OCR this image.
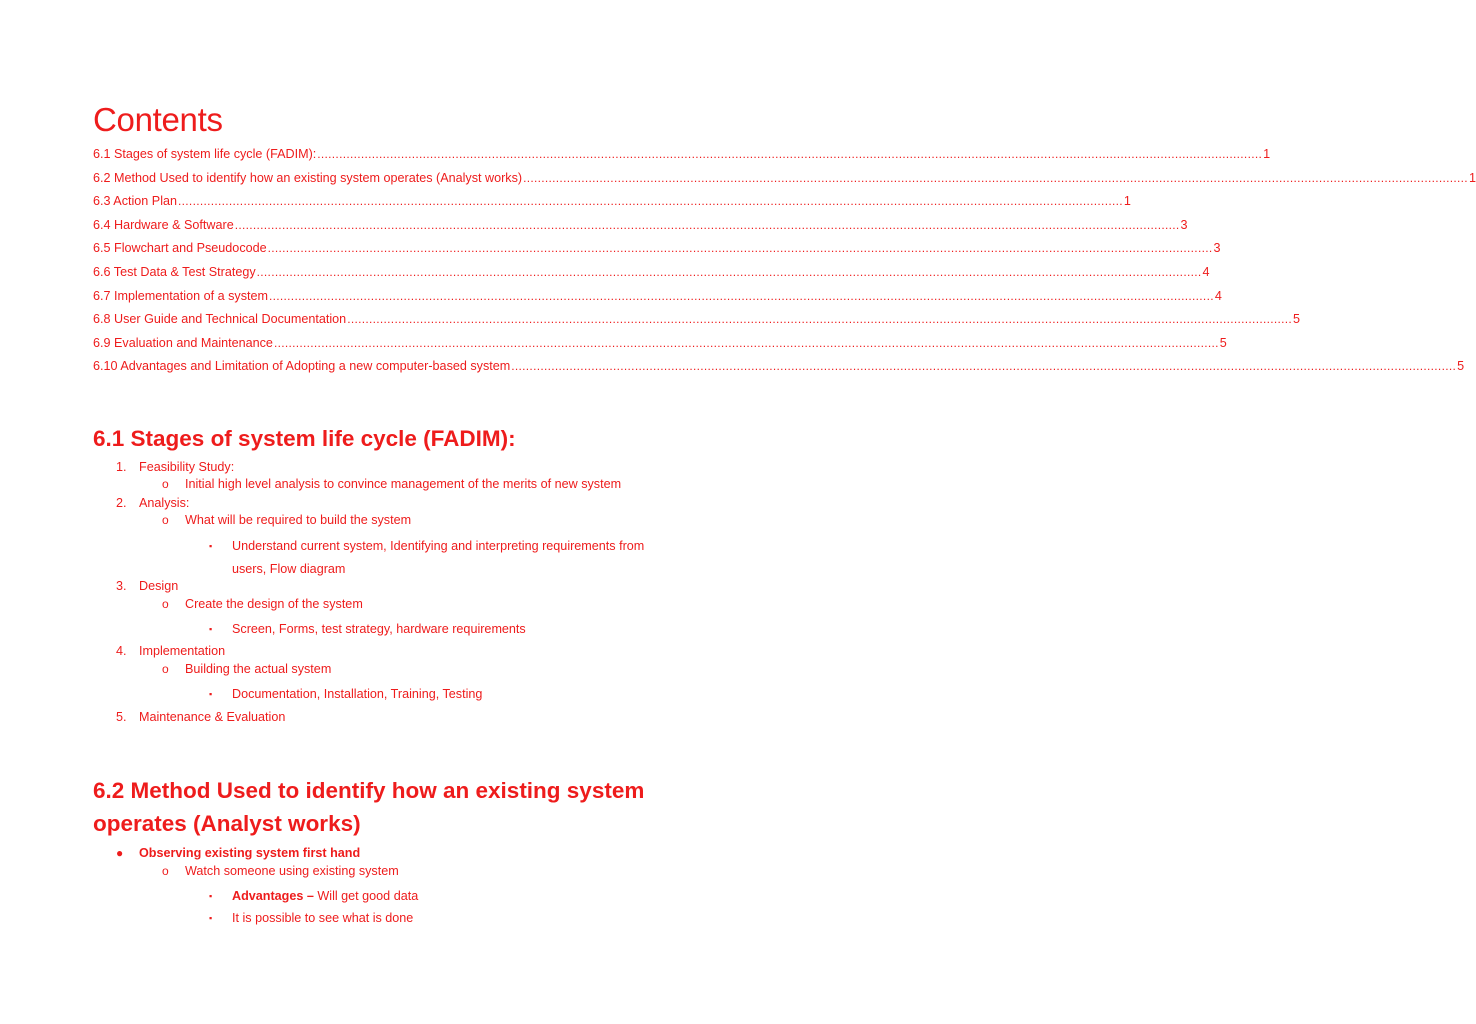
Contents
6.1 Stages of system life cycle (FADIM): .................................................................................................................................................................................................................................................................... 1
6.2 Method Used to identify how an existing system operates (Analyst works) .................................................................................................................................................................................................................................................................... 1
6.3 Action Plan .................................................................................................................................................................................................................................................................... 1
6.4 Hardware & Software .................................................................................................................................................................................................................................................................... 3
6.5 Flowchart and Pseudocode .................................................................................................................................................................................................................................................................... 3
6.6 Test Data & Test Strategy .................................................................................................................................................................................................................................................................... 4
6.7 Implementation of a system .................................................................................................................................................................................................................................................................... 4
6.8 User Guide and Technical Documentation .................................................................................................................................................................................................................................................................... 5
6.9 Evaluation and Maintenance .................................................................................................................................................................................................................................................................... 5
6.10 Advantages and Limitation of Adopting a new computer-based system .................................................................................................................................................................................................................................................................... 5
6.1 Stages of system life cycle (FADIM):
1. Feasibility Study:
o Initial high level analysis to convince management of the merits of new system
2. Analysis:
o What will be required to build the system
▪ Understand current system, Identifying and interpreting requirements from
users, Flow diagram
3. Design
o Create the design of the system
▪ Screen, Forms, test strategy, hardware requirements
4. Implementation
o Building the actual system
▪ Documentation, Installation, Training, Testing
5. Maintenance & Evaluation
6.2 Method Used to identify how an existing system
operates (Analyst works)
● Observing existing system first hand
o Watch someone using existing system
▪ Advantages – Will get good data
▪ It is possible to see what is done
